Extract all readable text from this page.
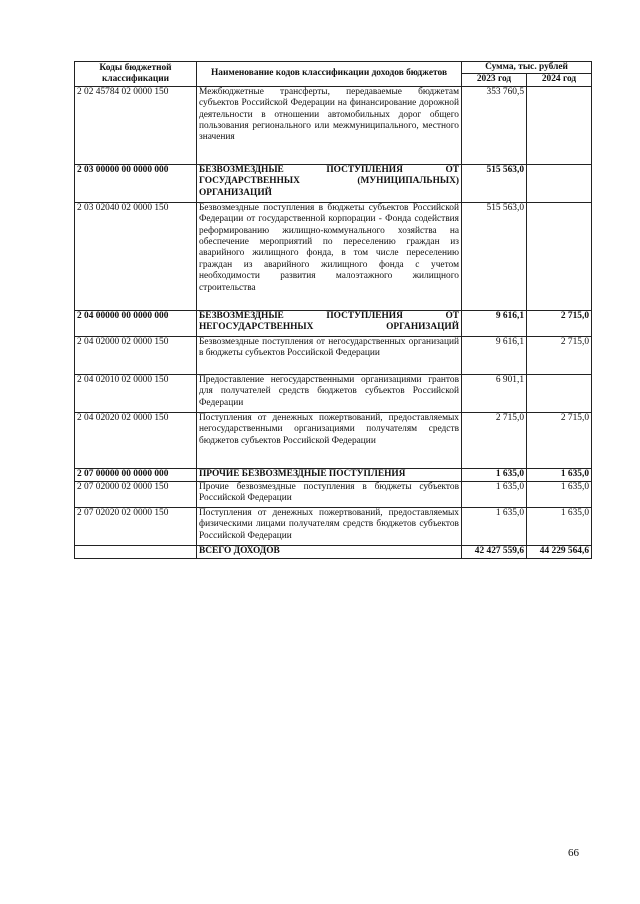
Коды бюджетной классификации	Наименование кодов классификации доходов бюджетов	Сумма, тыс. рублей	
		2023 год	2024 год
2 02 45784 02 0000 150	Межбюджетные трансферты, передаваемые бюджетам субъектов Российской Федерации на финансирование дорожной деятельности в отношении автомобильных дорог общего пользования регионального или межмуниципального, местного значения	353 760,5	
2 03 00000 00 0000 000	БЕЗВОЗМЕЗДНЫЕ ПОСТУПЛЕНИЯ ОТ ГОСУДАРСТВЕННЫХ (МУНИЦИПАЛЬНЫХ) ОРГАНИЗАЦИЙ	515 563,0	
2 03 02040 02 0000 150	Безвозмездные поступления в бюджеты субъектов Российской Федерации от государственной корпорации - Фонда содействия реформированию жилищно-коммунального хозяйства на обеспечение мероприятий по переселению граждан из аварийного жилищного фонда, в том числе переселению граждан из аварийного жилищного фонда с учетом необходимости развития малоэтажного жилищного строительства	515 563,0	
2 04 00000 00 0000 000	БЕЗВОЗМЕЗДНЫЕ ПОСТУПЛЕНИЯ ОТ НЕГОСУДАРСТВЕННЫХ ОРГАНИЗАЦИЙ	9 616,1	2 715,0
2 04 02000 02 0000 150	Безвозмездные поступления от негосударственных организаций в бюджеты субъектов Российской Федерации	9 616,1	2 715,0
2 04 02010 02 0000 150	Предоставление негосударственными организациями грантов для получателей средств бюджетов субъектов Российской Федерации	6 901,1	
2 04 02020 02 0000 150	Поступления от денежных пожертвований, предоставляемых негосударственными организациями получателям средств бюджетов субъектов Российской Федерации	2 715,0	2 715,0
2 07 00000 00 0000 000	ПРОЧИЕ БЕЗВОЗМЕЗДНЫЕ ПОСТУПЛЕНИЯ	1 635,0	1 635,0
2 07 02000 02 0000 150	Прочие безвозмездные поступления в бюджеты субъектов Российской Федерации	1 635,0	1 635,0
2 07 02020 02 0000 150	Поступления от денежных пожертвований, предоставляемых физическими лицами получателям средств бюджетов субъектов Российской Федерации	1 635,0	1 635,0
	ВСЕГО ДОХОДОВ	42 427 559,6	44 229 564,6
66
